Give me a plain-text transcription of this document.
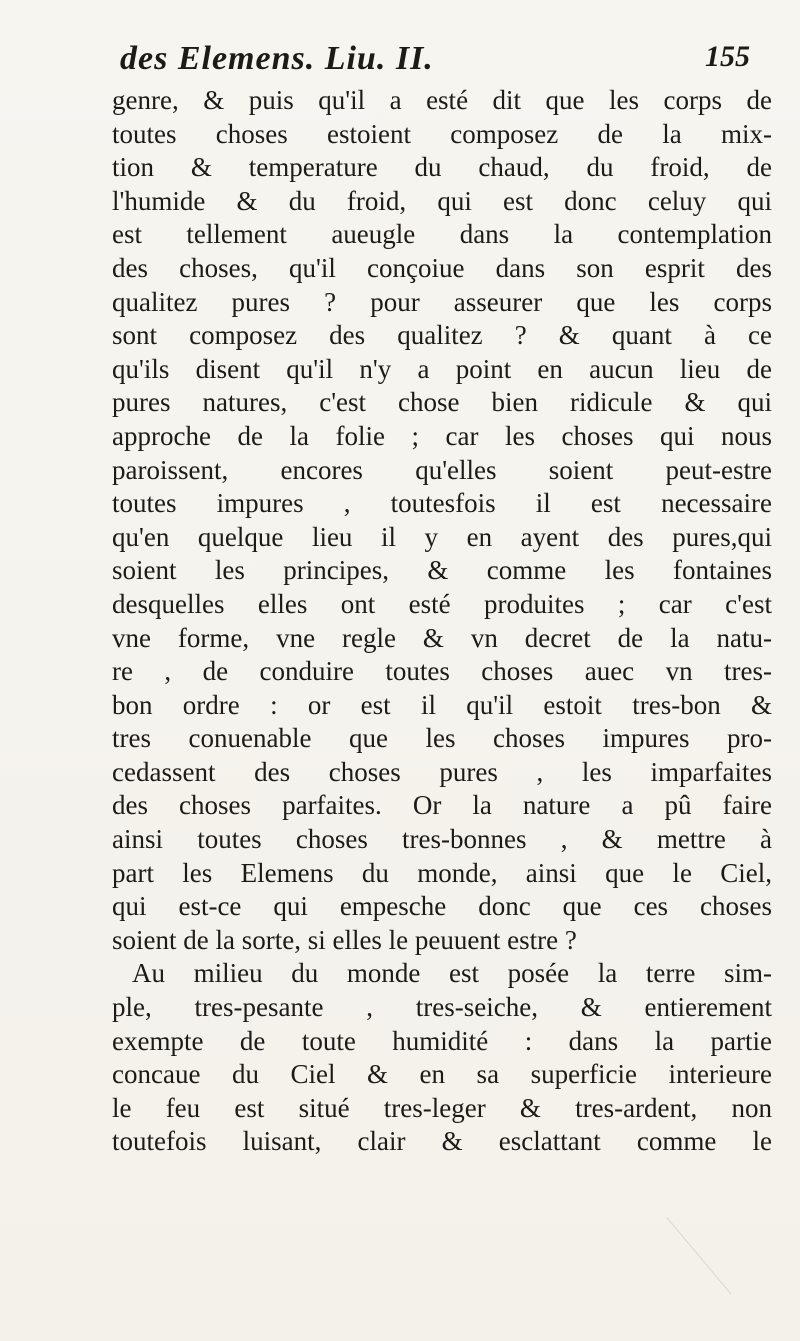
des Elemens. Liu. II.	155
genre, & puis qu'il a esté dit que les corps de
toutes choses estoient composez de la mix-
tion & temperature du chaud, du froid, de
l'humide & du froid, qui est donc celuy qui
est tellement aueugle dans la contemplation
des choses, qu'il conçoiue dans son esprit des
qualitez pures ? pour asseurer que les corps
sont composez des qualitez ? & quant à ce
qu'ils disent qu'il n'y a point en aucun lieu de
pures natures, c'est chose bien ridicule & qui
approche de la folie ; car les choses qui nous
paroissent, encores qu'elles soient peut-estre
toutes impures , toutesfois il est necessaire
qu'en quelque lieu il y en ayent des pures,qui
soient les principes, & comme les fontaines
desquelles elles ont esté produites ; car c'est
vne forme, vne regle & vn decret de la natu-
re , de conduire toutes choses auec vn tres-
bon ordre : or est il qu'il estoit tres-bon &
tres conuenable que les choses impures pro-
cedassent des choses pures , les imparfaites
des choses parfaites. Or la nature a pû faire
ainsi toutes choses tres-bonnes , & mettre à
part les Elemens du monde, ainsi que le Ciel,
qui est-ce qui empesche donc que ces choses
soient de la sorte, si elles le peuuent estre ?
Au milieu du monde est posée la terre sim-
ple, tres-pesante , tres-seiche, & entierement
exempte de toute humidité : dans la partie
concaue du Ciel & en sa superficie interieure
le feu est situé tres-leger & tres-ardent, non
toutefois luisant, clair & esclattant comme le
